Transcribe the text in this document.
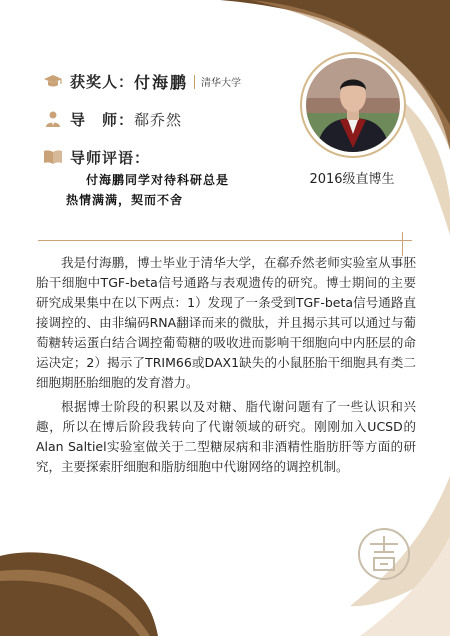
获奖人： 付海鹏 清华大学
导　师： 郗乔然
导师评语：
付海鹏同学对待科研总是
热情满满，契而不舍
2016级直博生

我是付海鹏，博士毕业于清华大学，在郗乔然老师实验室从事胚胎干细胞中TGF-beta信号通路与表观遗传的研究。博士期间的主要研究成果集中在以下两点：1）发现了一条受到TGF-beta信号通路直接调控的、由非编码RNA翻译而来的微肽，并且揭示其可以通过与葡萄糖转运蛋白结合调控葡萄糖的吸收进而影响干细胞向中内胚层的命运决定；2）揭示了TRIM66或DAX1缺失的小鼠胚胎干细胞具有类二细胞期胚胎细胞的发育潜力。

根据博士阶段的积累以及对糖、脂代谢问题有了一些认识和兴趣，所以在博后阶段我转向了代谢领域的研究。刚刚加入UCSD的Alan Saltiel实验室做关于二型糖尿病和非酒精性脂肪肝等方面的研究，主要探索肝细胞和脂肪细胞中代谢网络的调控机制。
